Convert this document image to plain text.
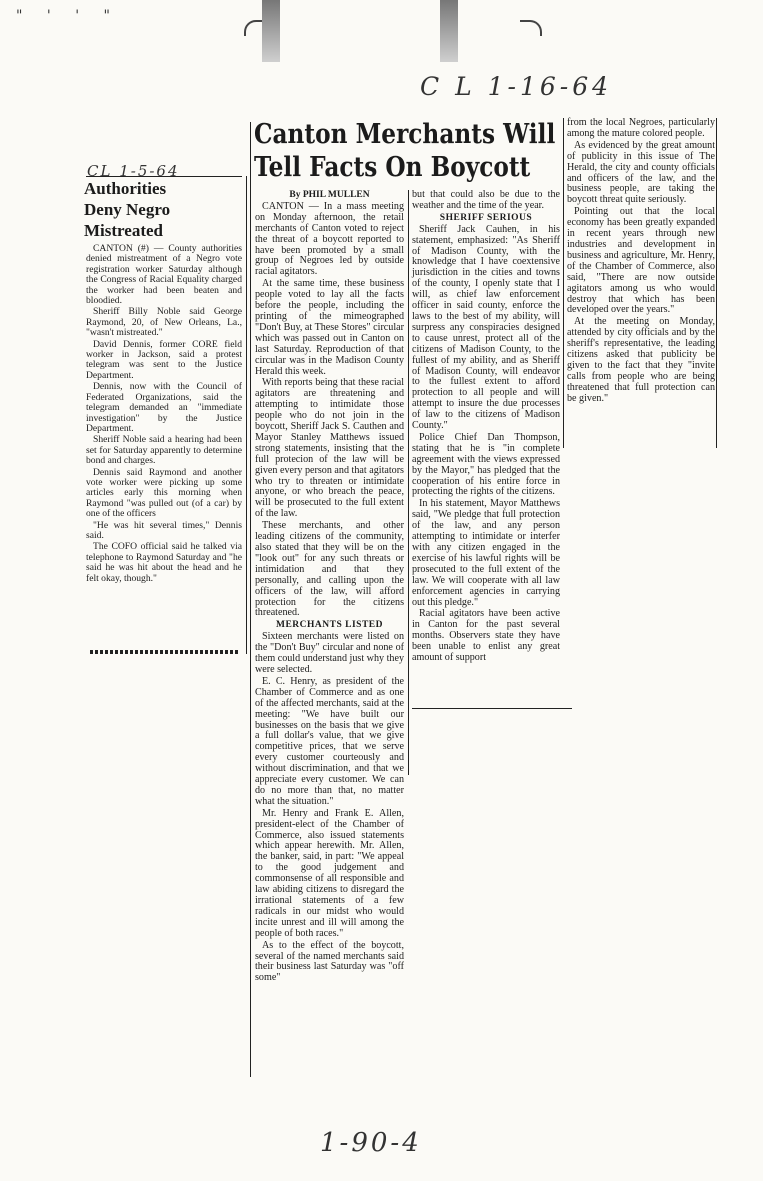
" ' ' "
C L 1-16-64
CL 1-5-64
Authorities
Deny Negro
Mistreated

CANTON (#) — County authorities denied mistreatment of a Negro vote registration worker Saturday although the Congress of Racial Equality charged the worker had been beaten and bloodied.

Sheriff Billy Noble said George Raymond, 20, of New Orleans, La., "wasn't mistreated."

David Dennis, former CORE field worker in Jackson, said a protest telegram was sent to the Justice Department.

Dennis, now with the Council of Federated Organizations, said the telegram demanded an "immediate investigation" by the Justice Department.

Sheriff Noble said a hearing had been set for Saturday apparently to determine bond and charges.

Dennis said Raymond and another vote worker were picking up some articles early this morning when Raymond "was pulled out (of a car) by one of the officers

"He was hit several times," Dennis said.

The COFO official said he talked via telephone to Raymond Saturday and "he said he was hit about the head and he felt okay, though."

Canton Merchants Will
Tell Facts On Boycott
By PHIL MULLEN

CANTON — In a mass meeting on Monday afternoon, the retail merchants of Canton voted to reject the threat of a boycott reported to have been promoted by a small group of Negroes led by outside racial agitators.

At the same time, these business people voted to lay all the facts before the people, including the printing of the mimeographed "Don't Buy, at These Stores" circular which was passed out in Canton on last Saturday. Reproduction of that circular was in the Madison County Herald this week.

With reports being that these racial agitators are threatening and attempting to intimidate those people who do not join in the boycott, Sheriff Jack S. Cauthen and Mayor Stanley Matthews issued strong statements, insisting that the full protecion of the law will be given every person and that agitators who try to threaten or intimidate anyone, or who breach the peace, will be prosecuted to the full extent of the law.

These merchants, and other leading citizens of the community, also stated that they will be on the "look out" for any such threats or intimidation and that they personally, and calling upon the officers of the law, will afford protection for the citizens threatened.

MERCHANTS LISTED

Sixteen merchants were listed on the "Don't Buy" circular and none of them could understand just why they were selected.

E. C. Henry, as president of the Chamber of Commerce and as one of the affected merchants, said at the meeting: "We have built our businesses on the basis that we give a full dollar's value, that we give competitive prices, that we serve every customer courteously and without discrimination, and that we appreciate every customer. We can do no more than that, no matter what the situation."

Mr. Henry and Frank E. Allen, president-elect of the Chamber of Commerce, also issued statements which appear herewith. Mr. Allen, the banker, said, in part: "We appeal to the good judgement and commonsense of all responsible and law abiding citizens to disregard the irrational statements of a few radicals in our midst who would incite unrest and ill will among the people of both races."

As to the effect of the boycott, several of the named merchants said their business last Saturday was "off some"

but that could also be due to the weather and the time of the year.

SHERIFF SERIOUS

Sheriff Jack Cauhen, in his statement, emphasized: "As Sheriff of Madison County, with the knowledge that I have coextensive jurisdiction in the cities and towns of the county, I openly state that I will, as chief law enforcement officer in said county, enforce the laws to the best of my ability, will surpress any conspiracies designed to cause unrest, protect all of the citizens of Madison County, to the fullest of my ability, and as Sheriff of Madison County, will endeavor to the fullest extent to afford protection to all people and will attempt to insure the due processes of law to the citizens of Madison County."

Police Chief Dan Thompson, stating that he is "in complete agreement with the views expressed by the Mayor," has pledged that the cooperation of his entire force in protecting the rights of the citizens.

In his statement, Mayor Matthews said, "We pledge that full protection of the law, and any person attempting to intimidate or interfer with any citizen engaged in the exercise of his lawful rights will be prosecuted to the full extent of the law. We will cooperate with all law enforcement agencies in carrying out this pledge."

Racial agitators have been active in Canton for the past several months. Observers state they have been unable to enlist any great amount of support

from the local Negroes, particularly among the mature colored people.

As evidenced by the great amount of publicity in this issue of The Herald, the city and county officials and officers of the law, and the business people, are taking the boycott threat quite seriously.

Pointing out that the local economy has been greatly expanded in recent years through new industries and development in business and agriculture, Mr. Henry, of the Chamber of Commerce, also said, "There are now outside agitators among us who would destroy that which has been developed over the years."

At the meeting on Monday, attended by city officials and by the sheriff's representative, the leading citizens asked that publicity be given to the fact that they "invite calls from people who are being threatened that full protection can be given."

1-90-4
